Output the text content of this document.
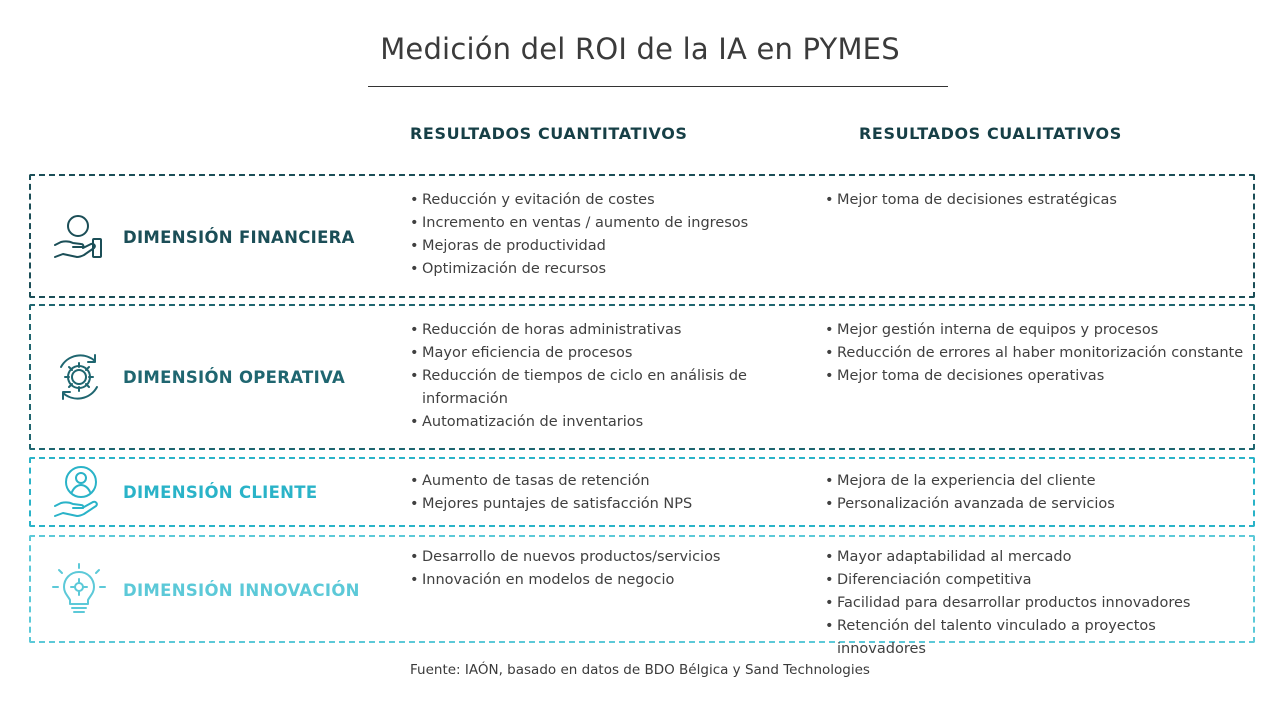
Medición del ROI de la IA en PYMES
RESULTADOS CUANTITATIVOS	RESULTADOS CUALITATIVOS
DIMENSIÓN FINANCIERA
• Reducción y evitación de costes
• Incremento en ventas / aumento de ingresos
• Mejoras de productividad
• Optimización de recursos
• Mejor toma de decisiones estratégicas
DIMENSIÓN OPERATIVA
• Reducción de horas administrativas
• Mayor eficiencia de procesos
• Reducción de tiempos de ciclo en análisis de información
• Automatización de inventarios
• Mejor gestión interna de equipos y procesos
• Reducción de errores al haber monitorización constante
• Mejor toma de decisiones operativas
DIMENSIÓN CLIENTE
• Aumento de tasas de retención
• Mejores puntajes de satisfacción NPS
• Mejora de la experiencia del cliente
• Personalización avanzada de servicios
DIMENSIÓN INNOVACIÓN
• Desarrollo de nuevos productos/servicios
• Innovación en modelos de negocio
• Mayor adaptabilidad al mercado
• Diferenciación competitiva
• Facilidad para desarrollar productos innovadores
• Retención del talento vinculado a proyectos innovadores
Fuente: IAÓN, basado en datos de BDO Bélgica y Sand Technologies
